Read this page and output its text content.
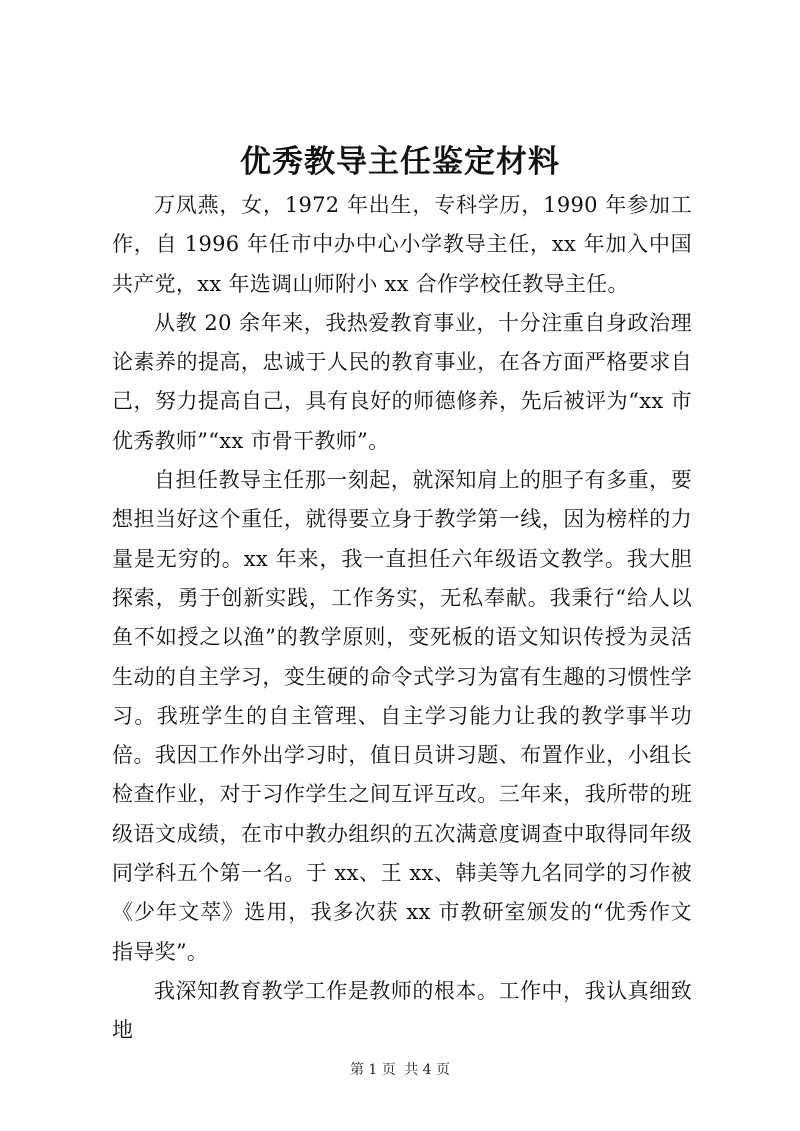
优秀教导主任鉴定材料

万凤燕，女，1972 年出生，专科学历，1990 年参加工作，自 1996 年任市中办中心小学教导主任，xx 年加入中国共产党，xx 年选调山师附小 xx 合作学校任教导主任。

从教 20 余年来，我热爱教育事业，十分注重自身政治理论素养的提高，忠诚于人民的教育事业，在各方面严格要求自己，努力提高自己，具有良好的师德修养，先后被评为“xx 市优秀教师”“xx 市骨干教师”。

自担任教导主任那一刻起，就深知肩上的胆子有多重，要想担当好这个重任，就得要立身于教学第一线，因为榜样的力量是无穷的。xx 年来，我一直担任六年级语文教学。我大胆探索，勇于创新实践，工作务实，无私奉献。我秉行“给人以鱼不如授之以渔”的教学原则，变死板的语文知识传授为灵活生动的自主学习，变生硬的命令式学习为富有生趣的习惯性学习。我班学生的自主管理、自主学习能力让我的教学事半功倍。我因工作外出学习时，值日员讲习题、布置作业，小组长检查作业，对于习作学生之间互评互改。三年来，我所带的班级语文成绩，在市中教办组织的五次满意度调查中取得同年级同学科五个第一名。于 xx、王 xx、韩美等九名同学的习作被《少年文萃》选用，我多次获 xx 市教研室颁发的“优秀作文指导奖”。

我深知教育教学工作是教师的根本。工作中，我认真细致地

第 1 页 共 4 页
